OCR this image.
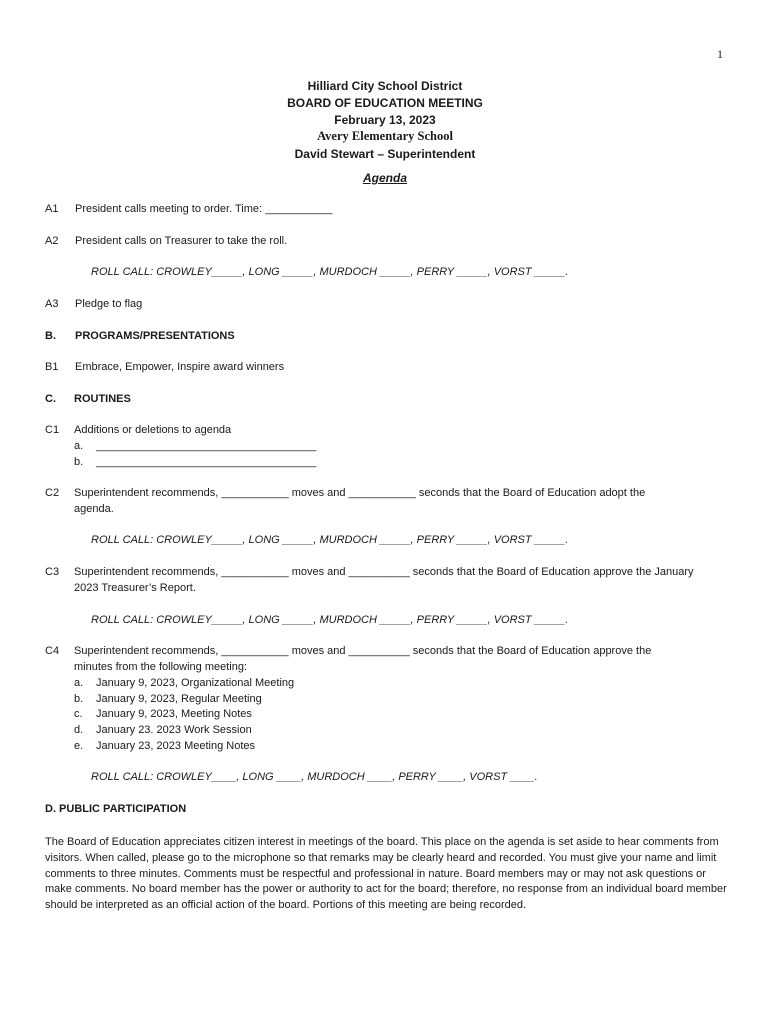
1
Hilliard City School District
BOARD OF EDUCATION MEETING
February 13, 2023
Avery Elementary School
David Stewart – Superintendent
Agenda
A1 President calls meeting to order. Time: ___________
A2 President calls on Treasurer to take the roll.
ROLL CALL: CROWLEY_____, LONG _____, MURDOCH _____, PERRY _____, VORST _____.
A3 Pledge to flag
B. PROGRAMS/PRESENTATIONS
B1 Embrace, Empower, Inspire award winners
C. ROUTINES
C1 Additions or deletions to agenda
a. ____________________________________
b. ____________________________________
C2 Superintendent recommends, ___________ moves and ___________ seconds that the Board of Education adopt the
agenda.
ROLL CALL: CROWLEY_____, LONG _____, MURDOCH _____, PERRY _____, VORST _____.
C3 Superintendent recommends, ___________ moves and __________ seconds that the Board of Education approve the January
2023 Treasurer’s Report.
ROLL CALL: CROWLEY_____, LONG _____, MURDOCH _____, PERRY _____, VORST _____.
C4 Superintendent recommends, ___________ moves and __________ seconds that the Board of Education approve the
minutes from the following meeting:
a. January 9, 2023, Organizational Meeting
b. January 9, 2023, Regular Meeting
c. January 9, 2023, Meeting Notes
d. January 23. 2023 Work Session
e. January 23, 2023 Meeting Notes
ROLL CALL: CROWLEY____, LONG ____, MURDOCH ____, PERRY ____, VORST ____.
D. PUBLIC PARTICIPATION
The Board of Education appreciates citizen interest in meetings of the board. This place on the agenda is set aside to hear comments from visitors. When called, please go to the microphone so that remarks may be clearly heard and recorded. You must give your name and limit comments to three minutes. Comments must be respectful and professional in nature. Board members may or may not ask questions or make comments. No board member has the power or authority to act for the board; therefore, no response from an individual board member should be interpreted as an official action of the board. Portions of this meeting are being recorded.
